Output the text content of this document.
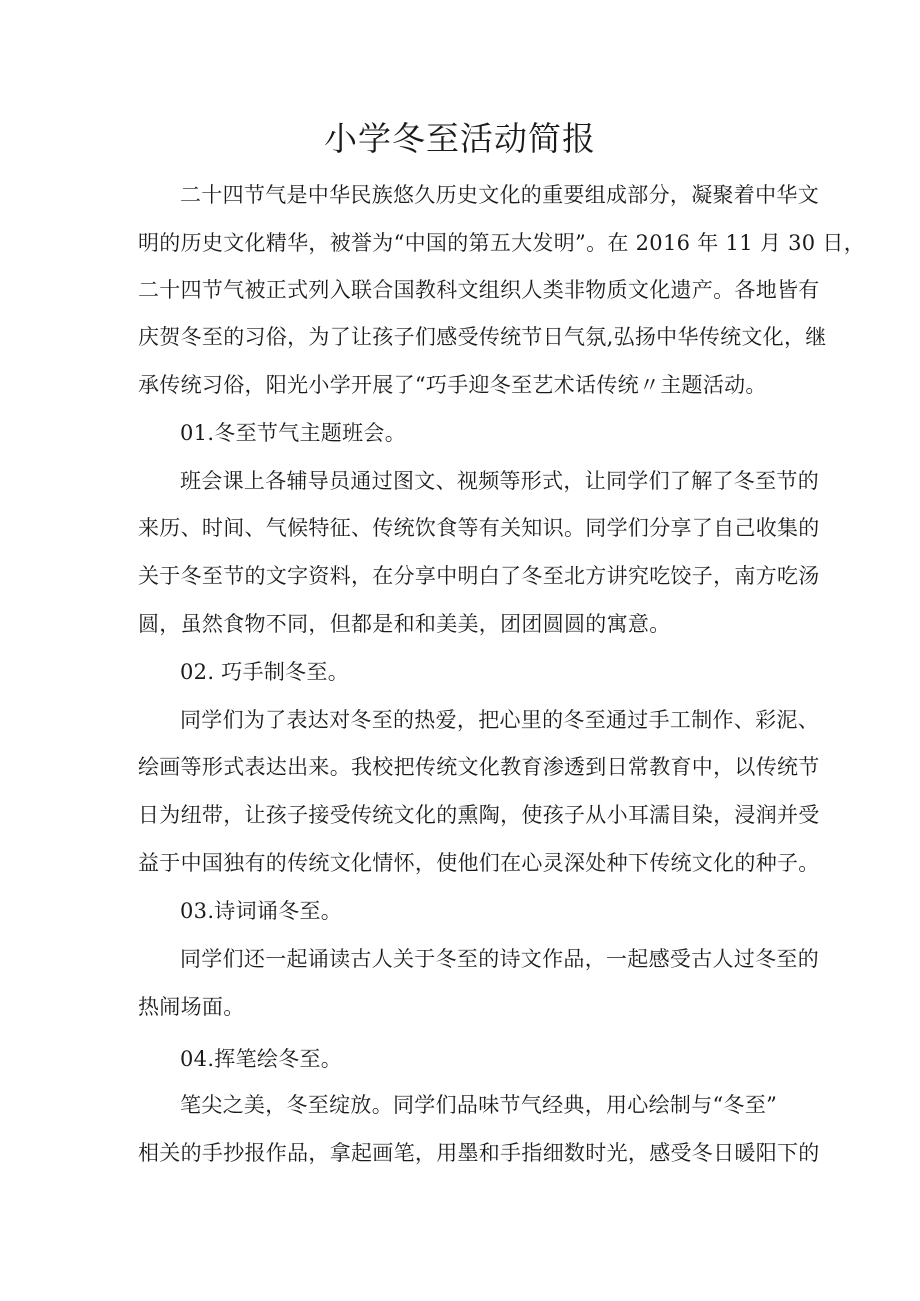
小学冬至活动简报

二十四节气是中华民族悠久历史文化的重要组成部分，凝聚着中华文

明的历史文化精华，被誉为“中国的第五大发明”。在 2016 年 11 月 30 日，

二十四节气被正式列入联合国教科文组织人类非物质文化遗产。各地皆有

庆贺冬至的习俗，为了让孩子们感受传统节日气氛,弘扬中华传统文化，继

承传统习俗，阳光小学开展了“巧手迎冬至艺术话传统〃主题活动。

01.冬至节气主题班会。

班会课上各辅导员通过图文、视频等形式，让同学们了解了冬至节的

来历、时间、气候特征、传统饮食等有关知识。同学们分享了自己收集的

关于冬至节的文字资料，在分享中明白了冬至北方讲究吃饺子，南方吃汤

圆，虽然食物不同，但都是和和美美，团团圆圆的寓意。

02. 巧手制冬至。

同学们为了表达对冬至的热爱，把心里的冬至通过手工制作、彩泥、

绘画等形式表达出来。我校把传统文化教育渗透到日常教育中，以传统节

日为纽带，让孩子接受传统文化的熏陶，使孩子从小耳濡目染，浸润并受

益于中国独有的传统文化情怀，使他们在心灵深处种下传统文化的种子。

03.诗词诵冬至。

同学们还一起诵读古人关于冬至的诗文作品，一起感受古人过冬至的

热闹场面。

04.挥笔绘冬至。

笔尖之美，冬至绽放。同学们品味节气经典，用心绘制与“冬至”

相关的手抄报作品，拿起画笔，用墨和手指细数时光，感受冬日暖阳下的
